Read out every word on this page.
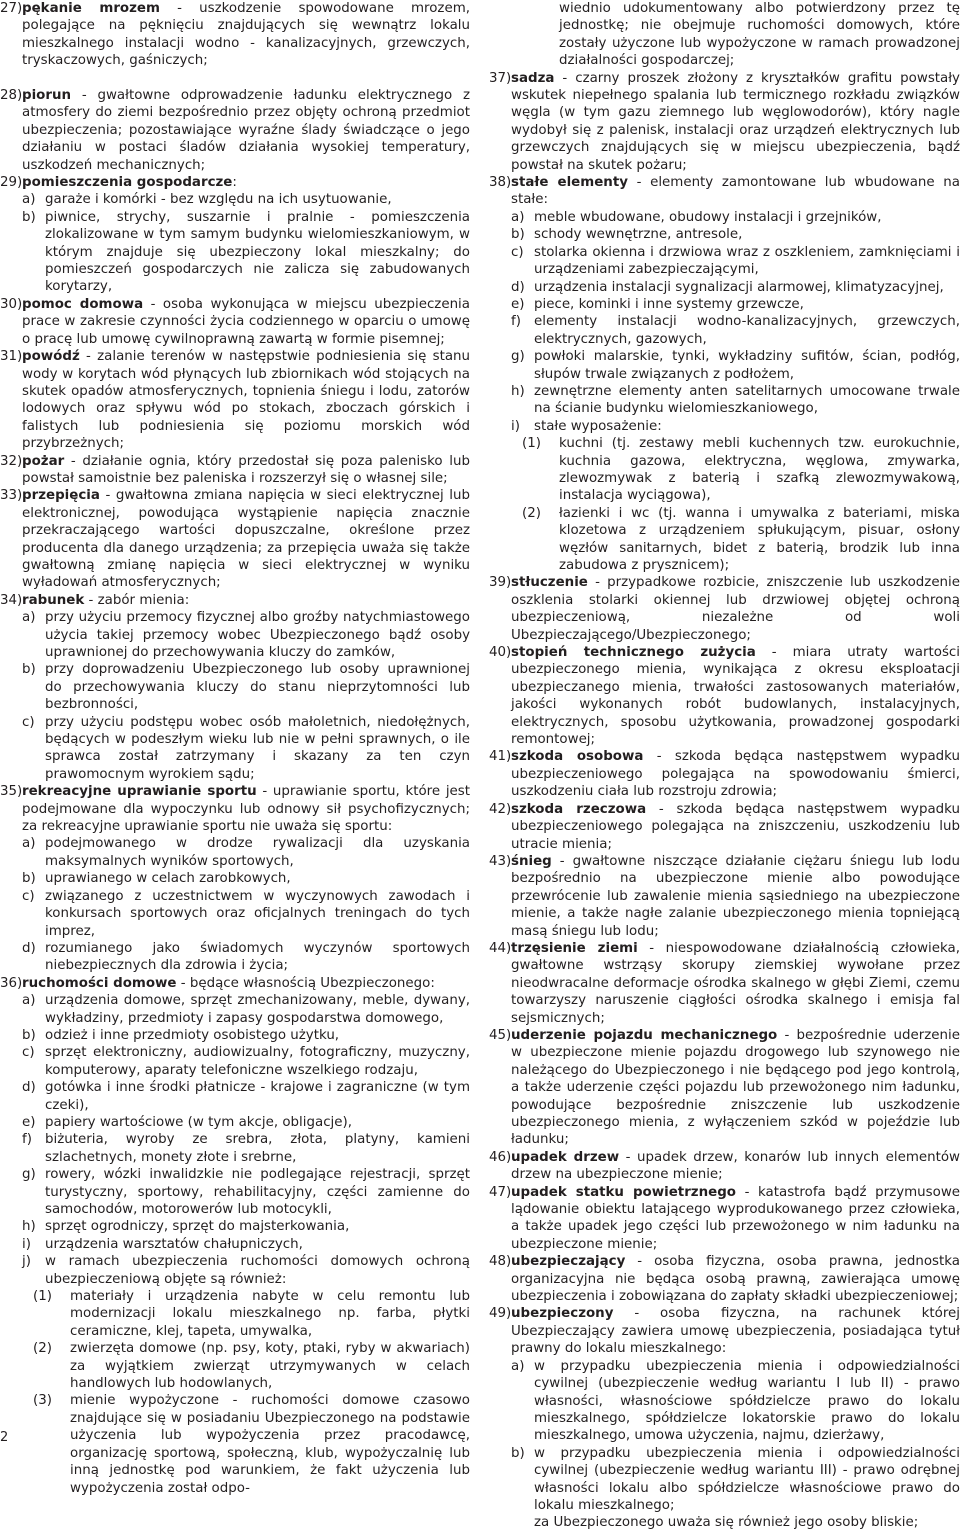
27)pękanie mrozem - uszkodzenie spowodowane mrozem, polegające na pęknięciu znajdujących się wewnątrz lokalu mieszkalnego instalacji wodno - kanalizacyjnych, grzewczych, tryskaczowych, gaśniczych;

28)piorun - gwałtowne odprowadzenie ładunku elektrycznego z atmosfery do ziemi bezpośrednio przez objęty ochroną przedmiot ubezpieczenia; pozostawiające wyraźne ślady świadczące o jego działaniu w postaci śladów działania wysokiej temperatury, uszkodzeń mechanicznych;

29)pomieszczenia gospodarcze:

a) garaże i komórki - bez względu na ich usytuowanie,

b) piwnice, strychy, suszarnie i pralnie - pomieszczenia zlokalizowane w tym samym budynku wielomieszkaniowym, w którym znajduje się ubezpieczony lokal mieszkalny; do pomieszczeń gospodarczych nie zalicza się zabudowanych korytarzy,

30)pomoc domowa - osoba wykonująca w miejscu ubezpieczenia prace w zakresie czynności życia codziennego w oparciu o umowę o pracę lub umowę cywilnoprawną zawartą w formie pisemnej;

31)powódź - zalanie terenów w następstwie podniesienia się stanu wody w korytach wód płynących lub zbiornikach wód stojących na skutek opadów atmosferycznych, topnienia śniegu i lodu, zatorów lodowych oraz spływu wód po stokach, zboczach górskich i falistych lub podniesienia się poziomu morskich wód przybrzeżnych;

32)pożar - działanie ognia, który przedostał się poza palenisko lub powstał samoistnie bez paleniska i rozszerzył się o własnej sile;

33)przepięcia - gwałtowna zmiana napięcia w sieci elektrycznej lub elektronicznej, powodująca wystąpienie napięcia znacznie przekraczającego wartości dopuszczalne, określone przez producenta dla danego urządzenia; za przepięcia uważa się także gwałtowną zmianę napięcia w sieci elektrycznej w wyniku wyładowań atmosferycznych;

34)rabunek - zabór mienia:

a) przy użyciu przemocy fizycznej albo groźby natychmiastowego użycia takiej przemocy wobec Ubezpieczonego bądź osoby uprawnionej do przechowywania kluczy do zamków,

b) przy doprowadzeniu Ubezpieczonego lub osoby uprawnionej do przechowywania kluczy do stanu nieprzytomności lub bezbronności,

c) przy użyciu podstępu wobec osób małoletnich, niedołężnych, będących w podeszłym wieku lub nie w pełni sprawnych, o ile sprawca został zatrzymany i skazany za ten czyn prawomocnym wyrokiem sądu;

35)rekreacyjne uprawianie sportu - uprawianie sportu, które jest podejmowane dla wypoczynku lub odnowy sił psychofizycznych; za rekreacyjne uprawianie sportu nie uważa się sportu:

a) podejmowanego w drodze rywalizacji dla uzyskania maksymalnych wyników sportowych,

b) uprawianego w celach zarobkowych,

c) związanego z uczestnictwem w wyczynowych zawodach i konkursach sportowych oraz oficjalnych treningach do tych imprez,

d) rozumianego jako świadomych wyczynów sportowych niebezpiecznych dla zdrowia i życia;

36)ruchomości domowe - będące własnością Ubezpieczonego:

a) urządzenia domowe, sprzęt zmechanizowany, meble, dywany, wykładziny, przedmioty i zapasy gospodarstwa domowego,

b) odzież i inne przedmioty osobistego użytku,

c) sprzęt elektroniczny, audiowizualny, fotograficzny, muzyczny, komputerowy, aparaty telefoniczne wszelkiego rodzaju,

d) gotówka i inne środki płatnicze - krajowe i zagraniczne (w tym czeki),

e) papiery wartościowe (w tym akcje, obligacje),

f) biżuteria, wyroby ze srebra, złota, platyny, kamieni szlachetnych, monety złote i srebrne,

g) rowery, wózki inwalidzkie nie podlegające rejestracji, sprzęt turystyczny, sportowy, rehabilitacyjny, części zamienne do samochodów, motorowerów lub motocykli,

h) sprzęt ogrodniczy, sprzęt do majsterkowania,

i) urządzenia warsztatów chałupniczych,

j) w ramach ubezpieczenia ruchomości domowych ochroną ubezpieczeniową objęte są również:

(1) materiały i urządzenia nabyte w celu remontu lub modernizacji lokalu mieszkalnego np. farba, płytki ceramiczne, klej, tapeta, umywalka,

(2) zwierzęta domowe (np. psy, koty, ptaki, ryby w akwariach) za wyjątkiem zwierząt utrzymywanych w celach handlowych lub hodowlanych,

(3) mienie wypożyczone - ruchomości domowe czasowo znajdujące się w posiadaniu Ubezpieczonego na podstawie użyczenia lub wypożyczenia przez pracodawcę, organizację sportową, społeczną, klub, wypożyczalnię lub inną jednostkę pod warunkiem, że fakt użyczenia lub wypożyczenia został odpo-

wiednio udokumentowany albo potwierdzony przez tę jednostkę; nie obejmuje ruchomości domowych, które zostały użyczone lub wypożyczone w ramach prowadzonej działalności gospodarczej;

37)sadza - czarny proszek złożony z kryształków grafitu powstały wskutek niepełnego spalania lub termicznego rozkładu związków węgla (w tym gazu ziemnego lub węglowodorów), który nagle wydobył się z palenisk, instalacji oraz urządzeń elektrycznych lub grzewczych znajdujących się w miejscu ubezpieczenia, bądź powstał na skutek pożaru;

38)stałe elementy - elementy zamontowane lub wbudowane na stałe:

a) meble wbudowane, obudowy instalacji i grzejników,

b) schody wewnętrzne, antresole,

c) stolarka okienna i drzwiowa wraz z oszkleniem, zamknięciami i urządzeniami zabezpieczającymi,

d) urządzenia instalacji sygnalizacji alarmowej, klimatyzacyjnej,

e) piece, kominki i inne systemy grzewcze,

f) elementy instalacji wodno-kanalizacyjnych, grzewczych, elektrycznych, gazowych,

g) powłoki malarskie, tynki, wykładziny sufitów, ścian, podłóg, słupów trwale związanych z podłożem,

h) zewnętrzne elementy anten satelitarnych umocowane trwale na ścianie budynku wielomieszkaniowego,

i) stałe wyposażenie:

(1) kuchni (tj. zestawy mebli kuchennych tzw. eurokuchnie, kuchnia gazowa, elektryczna, węglowa, zmywarka, zlewozmywak z baterią i szafką zlewozmywakową, instalacja wyciągowa),

(2) łazienki i wc (tj. wanna i umywalka z bateriami, miska klozetowa z urządzeniem spłukującym, pisuar, osłony węzłów sanitarnych, bidet z baterią, brodzik lub inna zabudowa z prysznicem);

39)stłuczenie - przypadkowe rozbicie, zniszczenie lub uszkodzenie oszklenia stolarki okiennej lub drzwiowej objętej ochroną ubezpieczeniową, niezależne od woli Ubezpieczającego/Ubezpieczonego;

40)stopień technicznego zużycia - miara utraty wartości ubezpieczonego mienia, wynikająca z okresu eksploatacji ubezpieczanego mienia, trwałości zastosowanych materiałów, jakości wykonanych robót budowlanych, instalacyjnych, elektrycznych, sposobu użytkowania, prowadzonej gospodarki remontowej;

41)szkoda osobowa - szkoda będąca następstwem wypadku ubezpieczeniowego polegająca na spowodowaniu śmierci, uszkodzeniu ciała lub rozstroju zdrowia;

42)szkoda rzeczowa - szkoda będąca następstwem wypadku ubezpieczeniowego polegająca na zniszczeniu, uszkodzeniu lub utracie mienia;

43)śnieg - gwałtowne niszczące działanie ciężaru śniegu lub lodu bezpośrednio na ubezpieczone mienie albo powodujące przewrócenie lub zawalenie mienia sąsiedniego na ubezpieczone mienie, a także nagłe zalanie ubezpieczonego mienia topniejącą masą śniegu lub lodu;

44)trzęsienie ziemi - niespowodowane działalnością człowieka, gwałtowne wstrząsy skorupy ziemskiej wywołane przez nieodwracalne deformacje ośrodka skalnego w głębi Ziemi, czemu towarzyszy naruszenie ciągłości ośrodka skalnego i emisja fal sejsmicznych;

45)uderzenie pojazdu mechanicznego - bezpośrednie uderzenie w ubezpieczone mienie pojazdu drogowego lub szynowego nie należącego do Ubezpieczonego i nie będącego pod jego kontrolą, a także uderzenie części pojazdu lub przewożonego nim ładunku, powodujące bezpośrednie zniszczenie lub uszkodzenie ubezpieczonego mienia, z wyłączeniem szkód w pojeździe lub ładunku;

46)upadek drzew - upadek drzew, konarów lub innych elementów drzew na ubezpieczone mienie;

47)upadek statku powietrznego - katastrofa bądź przymusowe lądowanie obiektu latającego wyprodukowanego przez człowieka, a także upadek jego części lub przewożonego w nim ładunku na ubezpieczone mienie;

48)ubezpieczający - osoba fizyczna, osoba prawna, jednostka organizacyjna nie będąca osobą prawną, zawierająca umowę ubezpieczenia i zobowiązana do zapłaty składki ubezpieczeniowej;

49)ubezpieczony - osoba fizyczna, na rachunek której Ubezpieczający zawiera umowę ubezpieczenia, posiadająca tytuł prawny do lokalu mieszkalnego:

a) w przypadku ubezpieczenia mienia i odpowiedzialności cywilnej (ubezpieczenie według wariantu I lub II) - prawo własności, własnościowe spółdzielcze prawo do lokalu mieszkalnego, spółdzielcze lokatorskie prawo do lokalu mieszkalnego, umowa użyczenia, najmu, dzierżawy,

b) w przypadku ubezpieczenia mienia i odpowiedzialności cywilnej (ubezpieczenie według wariantu III) - prawo odrębnej własności lokalu albo spółdzielcze własnościowe prawo do lokalu mieszkalnego;

za Ubezpieczonego uważa się również jego osoby bliskie;

2
